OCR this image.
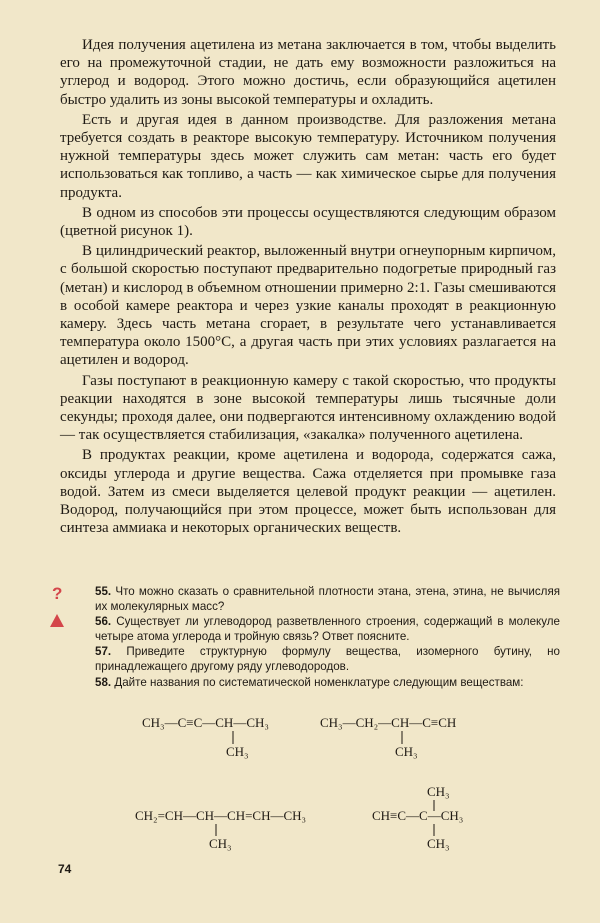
Идея получения ацетилена из метана заключается в том, чтобы выделить его на промежуточной стадии, не дать ему возможности разложиться на углерод и водород. Этого можно достичь, если образующийся ацетилен быстро удалить из зоны высокой температуры и охладить.

Есть и другая идея в данном производстве. Для разложения метана требуется создать в реакторе высокую температуру. Источником получения нужной температуры здесь может служить сам метан: часть его будет использоваться как топливо, а часть — как химическое сырье для получения продукта.

В одном из способов эти процессы осуществляются следующим образом (цветной рисунок 1).

В цилиндрический реактор, выложенный внутри огнеупорным кирпичом, с большой скоростью поступают предварительно подогретые природный газ (метан) и кислород в объемном отношении примерно 2:1. Газы смешиваются в особой камере реактора и через узкие каналы проходят в реакционную камеру. Здесь часть метана сгорает, в результате чего устанавливается температура около 1500°С, а другая часть при этих условиях разлагается на ацетилен и водород.

Газы поступают в реакционную камеру с такой скоростью, что продукты реакции находятся в зоне высокой температуры лишь тысячные доли секунды; проходя далее, они подвергаются интенсивному охлаждению водой — так осуществляется стабилизация, «закалка» полученного ацетилена.

В продуктах реакции, кроме ацетилена и водорода, содержатся сажа, оксиды углерода и другие вещества. Сажа отделяется при промывке газа водой. Затем из смеси выделяется целевой продукт реакции — ацетилен. Водород, получающийся при этом процессе, может быть использован для синтеза аммиака и некоторых органических веществ.

?	55. Что можно сказать о сравнительной плотности этана, этена, этина, не вычисляя их молекулярных масс?

56. Существует ли углеводород разветвленного строения, содержащий в молекуле четыре атома углерода и тройную связь? Ответ поясните.

57. Приведите структурную формулу вещества, изомерного бутину, но принадлежащего другому ряду углеводородов.

58. Дайте названия по систематической номенклатуре следующим веществам:

CH₃—C≡C—CH—CH₃
CH₃
CH₃—CH₂—CH—C≡CH
CH₃
CH₂=CH—CH—CH=CH—CH₃
CH₃
CH₃
CH≡C—C—CH₃
CH₃
74
